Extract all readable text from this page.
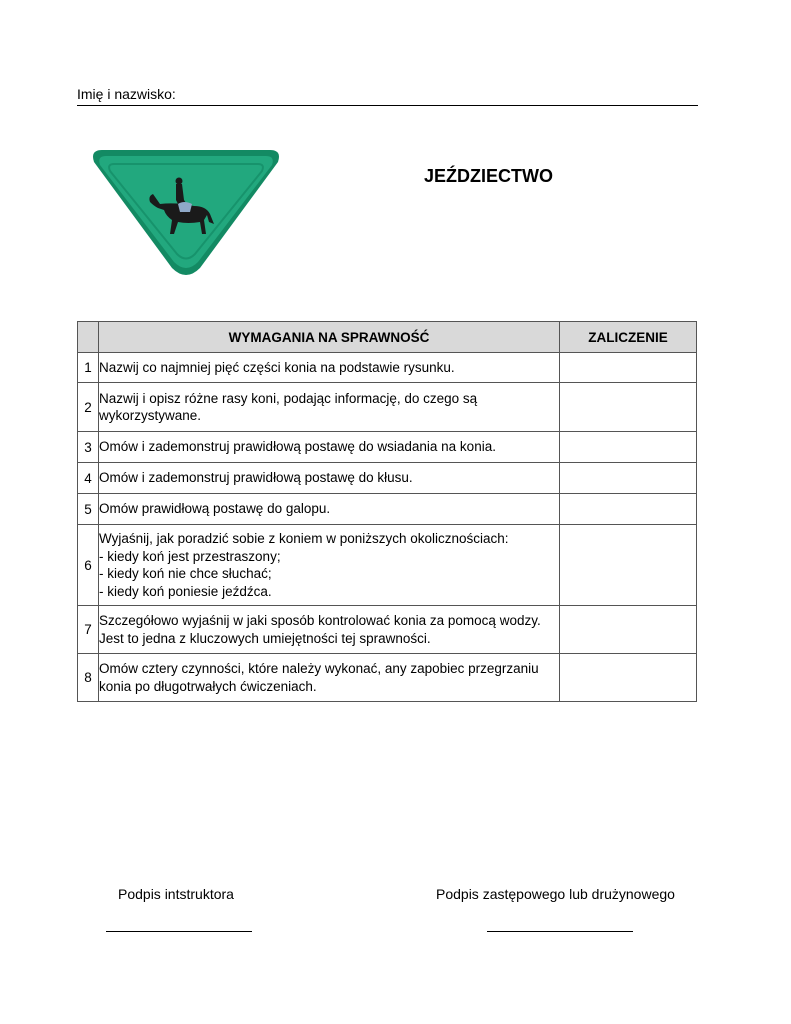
Imię i nazwisko:
JEŹDZIECTWO
	WYMAGANIA NA SPRAWNOŚĆ	ZALICZENIE
1	Nazwij co najmniej pięć części konia na podstawie rysunku.	
2	Nazwij i opisz różne rasy koni, podając informację, do czego są wykorzystywane.	
3	Omów i zademonstruj prawidłową postawę do wsiadania na konia.	
4	Omów i zademonstruj prawidłową postawę do kłusu.	
5	Omów prawidłową postawę do galopu.	
6	Wyjaśnij, jak poradzić sobie z koniem w poniższych okolicznościach:
- kiedy koń jest przestraszony;
- kiedy koń nie chce słuchać;
- kiedy koń poniesie jeźdźca.	
7	Szczegółowo wyjaśnij w jaki sposób kontrolować konia za pomocą wodzy. Jest to jedna z kluczowych umiejętności tej sprawności.	
8	Omów cztery czynności, które należy wykonać, any zapobiec przegrzaniu konia po długotrwałych ćwiczeniach.	
Podpis intstruktora	Podpis zastępowego lub drużynowego
